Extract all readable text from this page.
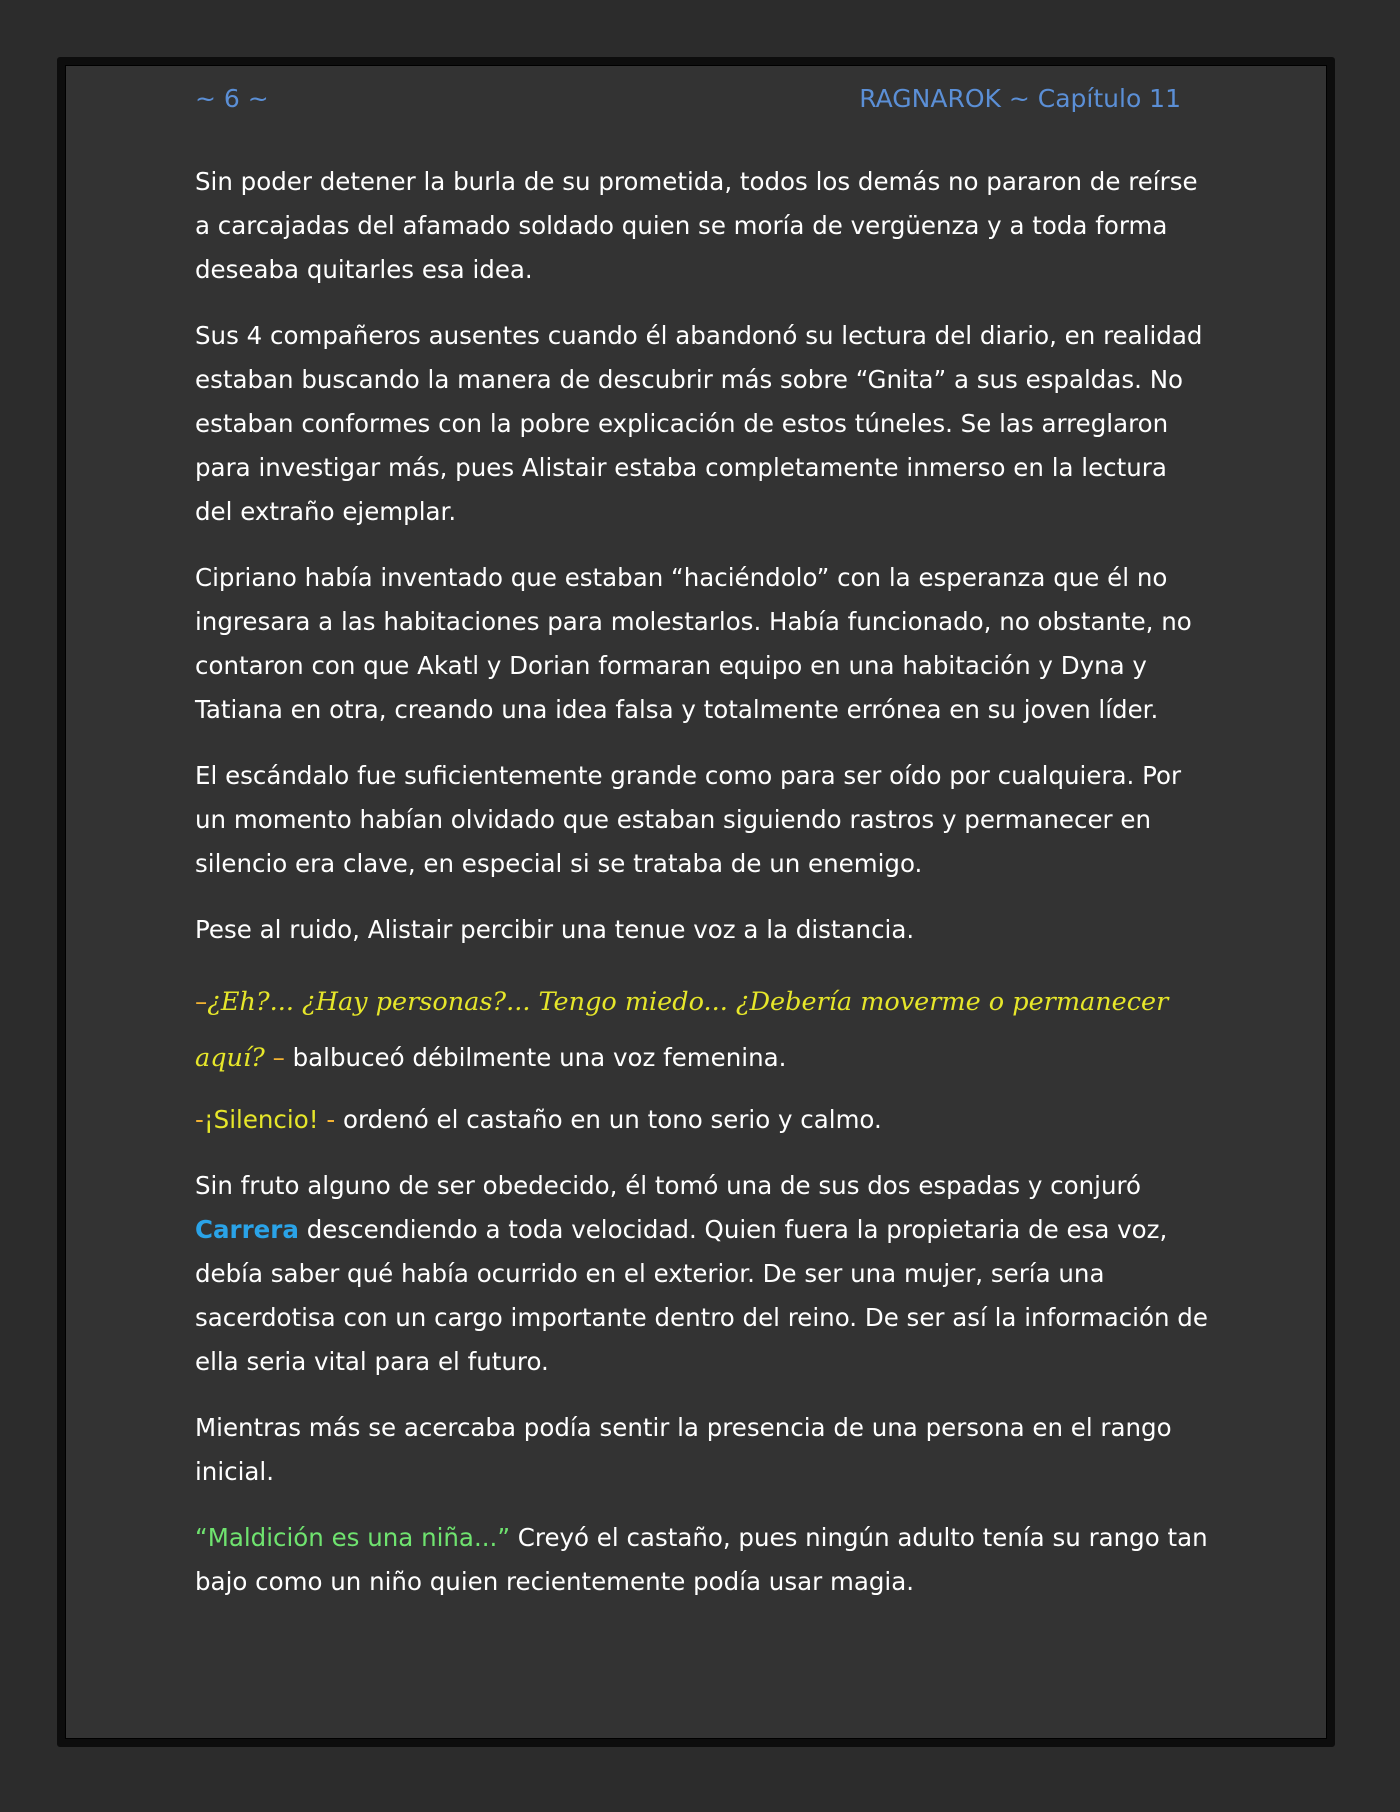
~ 6 ~	RAGNAROK ~ Capítulo 11

Sin poder detener la burla de su prometida, todos los demás no pararon de reírse a carcajadas del afamado soldado quien se moría de vergüenza y a toda forma deseaba quitarles esa idea.

Sus 4 compañeros ausentes cuando él abandonó su lectura del diario, en realidad estaban buscando la manera de descubrir más sobre “Gnita” a sus espaldas. No estaban conformes con la pobre explicación de estos túneles. Se las arreglaron para investigar más, pues Alistair estaba completamente inmerso en la lectura del extraño ejemplar.

Cipriano había inventado que estaban “haciéndolo” con la esperanza que él no ingresara a las habitaciones para molestarlos. Había funcionado, no obstante, no contaron con que Akatl y Dorian formaran equipo en una habitación y Dyna y Tatiana en otra, creando una idea falsa y totalmente errónea en su joven líder.

El escándalo fue suficientemente grande como para ser oído por cualquiera. Por un momento habían olvidado que estaban siguiendo rastros y permanecer en silencio era clave, en especial si se trataba de un enemigo.

Pese al ruido, Alistair percibir una tenue voz a la distancia.

–¿Eh?... ¿Hay personas?... Tengo miedo... ¿Debería moverme o permanecer aquí? – balbuceó débilmente una voz femenina.

-¡Silencio! - ordenó el castaño en un tono serio y calmo.

Sin fruto alguno de ser obedecido, él tomó una de sus dos espadas y conjuró Carrera descendiendo a toda velocidad. Quien fuera la propietaria de esa voz, debía saber qué había ocurrido en el exterior. De ser una mujer, sería una sacerdotisa con un cargo importante dentro del reino. De ser así la información de ella seria vital para el futuro.

Mientras más se acercaba podía sentir la presencia de una persona en el rango inicial.

“Maldición es una niña...” Creyó el castaño, pues ningún adulto tenía su rango tan bajo como un niño quien recientemente podía usar magia.
